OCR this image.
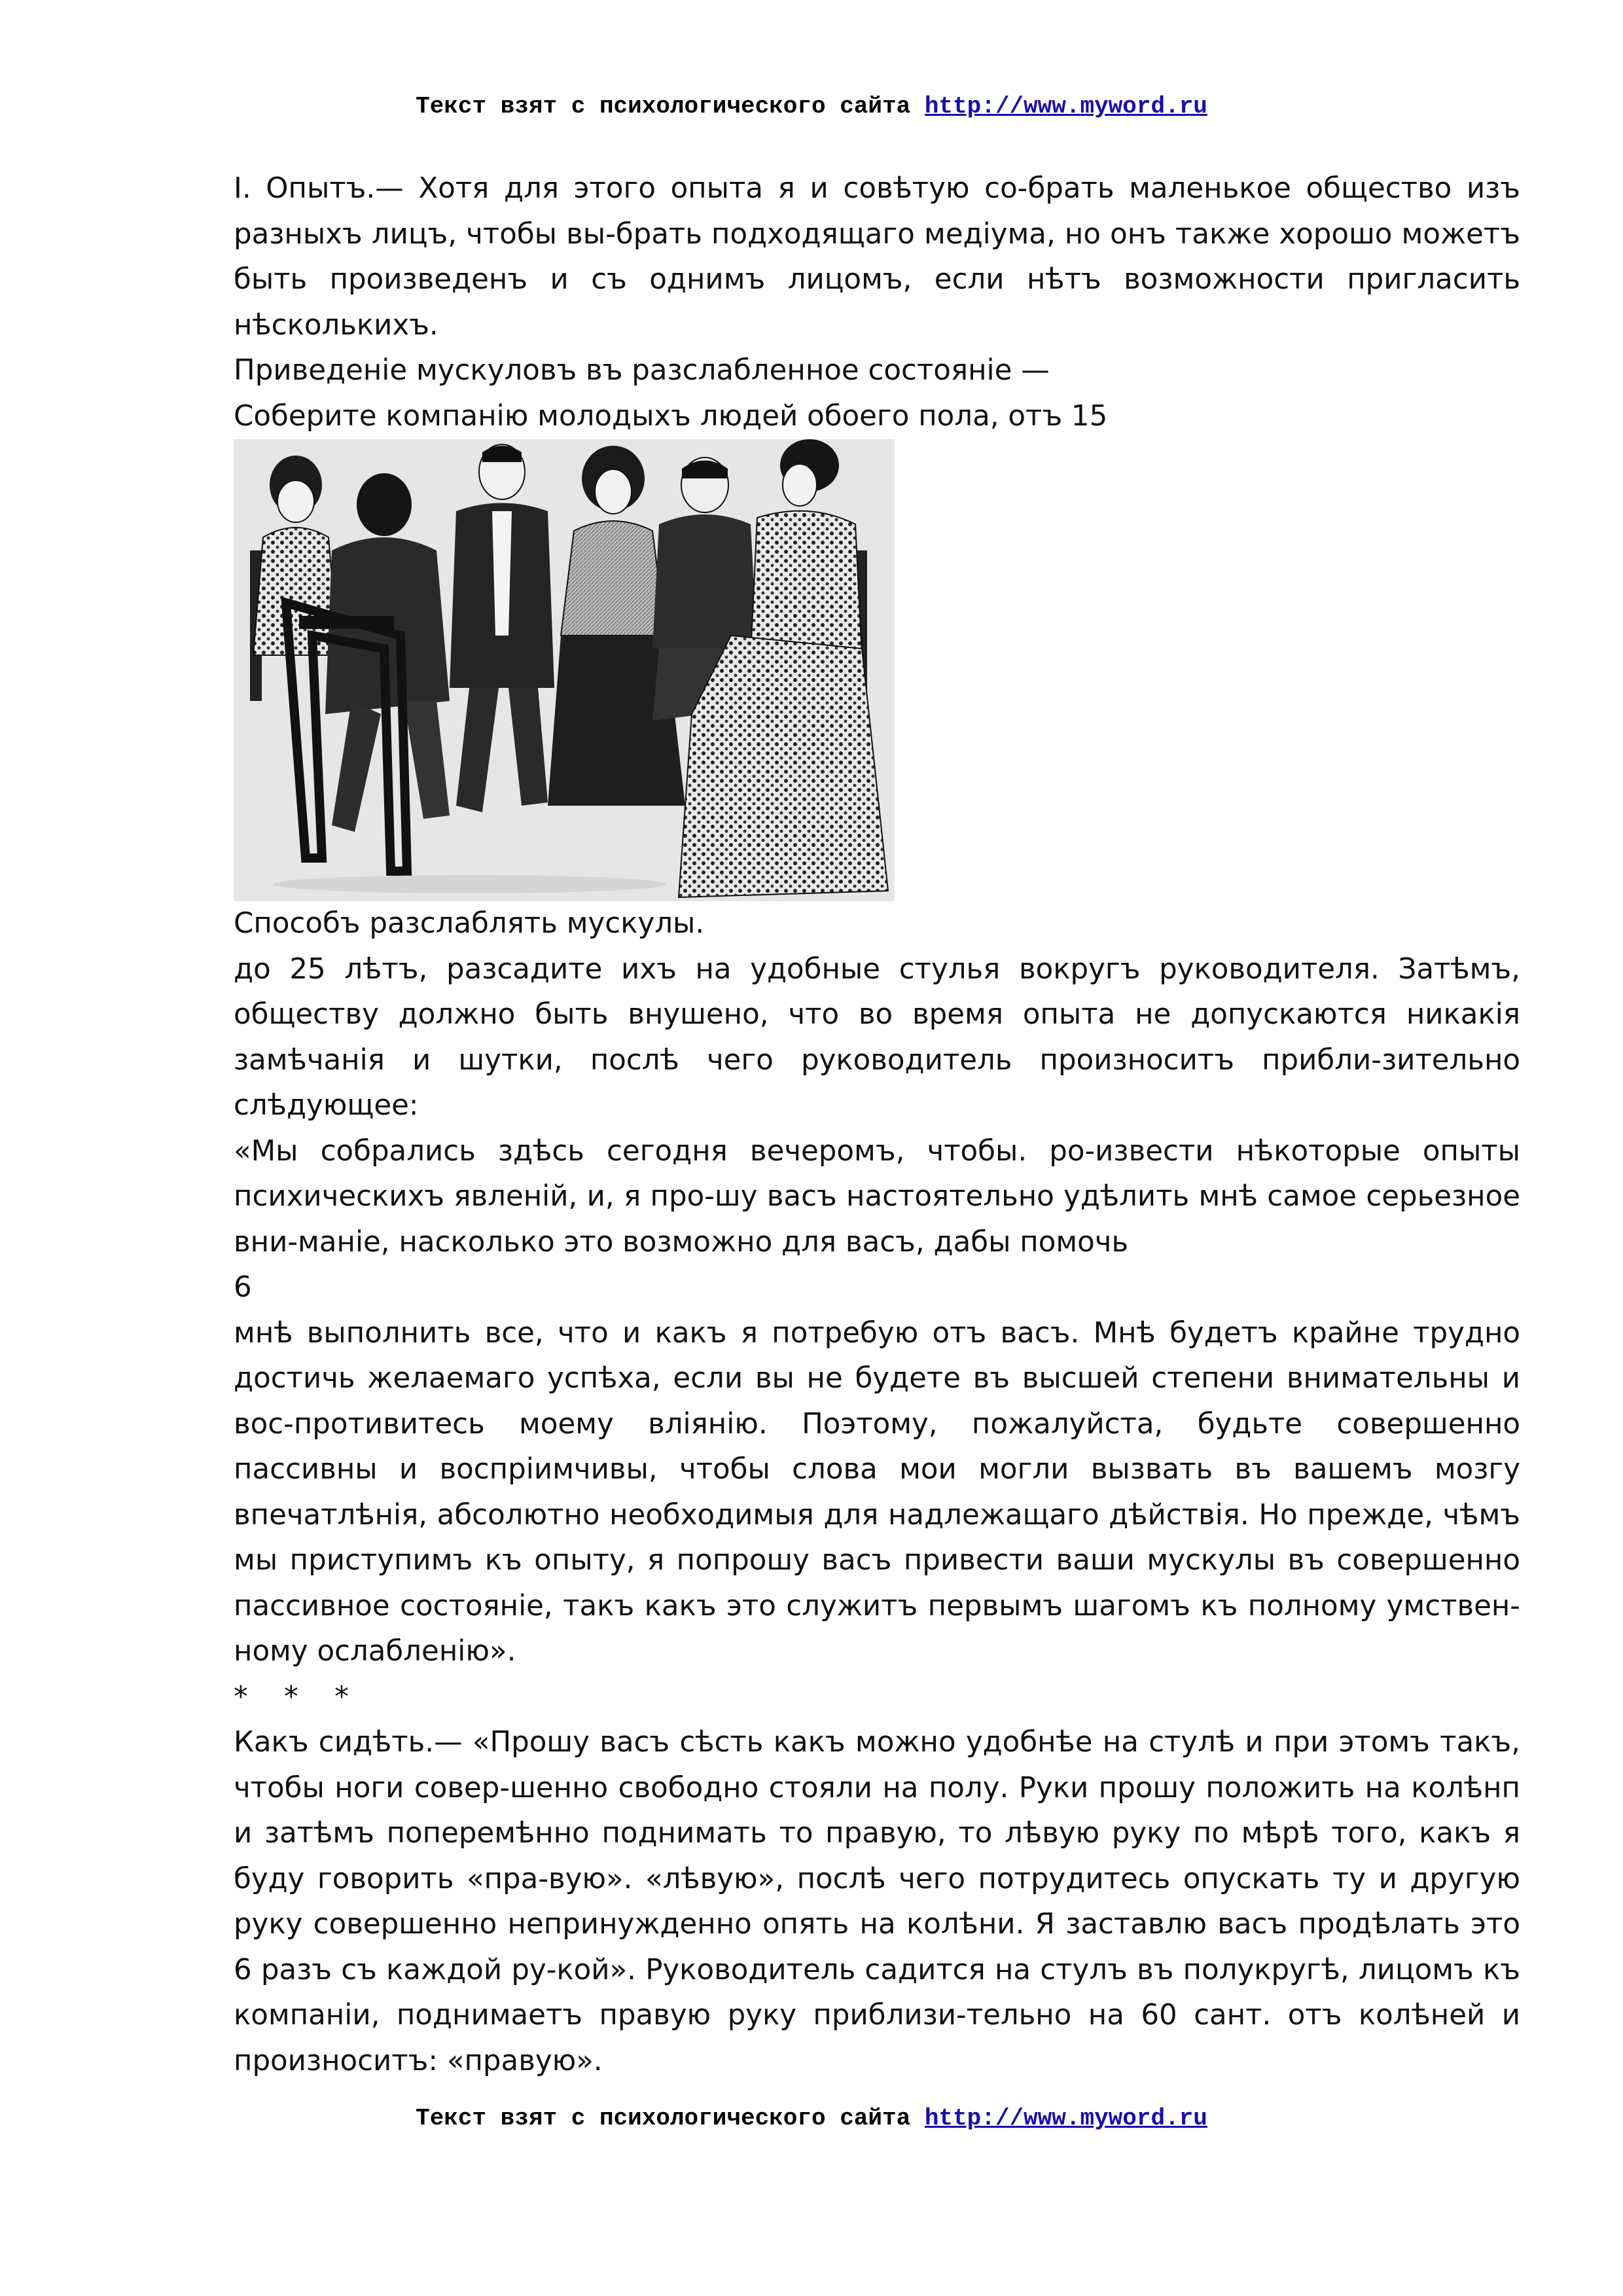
Текст взят с психологического сайта http://www.myword.ru

I. Опытъ.— Хотя для этого опыта я и совѣтую со-брать маленькое общество изъ разныхъ лицъ, чтобы вы-брать подходящаго медіума, но онъ также хорошо можетъ быть произведенъ и съ однимъ лицомъ, если нѣтъ возможности пригласить нѣсколькихъ.

Приведеніе мускуловъ въ разслабленное состояніе —

Соберите компанію молодыхъ людей обоего пола, отъ 15

Способъ разслаблять мускулы.

до 25 лѣтъ, разсадите ихъ на удобные стулья вокругъ руководителя. Затѣмъ, обществу должно быть внушено, что во время опыта не допускаются никакія замѣчанія и шутки, послѣ чего руководитель произноситъ прибли-зительно слѣдующее:

«Мы собрались здѣсь сегодня вечеромъ, чтобы. ро-извести нѣкоторые опыты психическихъ явленій, и, я про-шу васъ настоятельно удѣлить мнѣ самое серьезное вни-маніе, насколько это возможно для васъ, дабы помочь

6

мнѣ выполнить все, что и какъ я потребую отъ васъ. Мнѣ будетъ крайне трудно достичь желаемаго успѣха, если вы не будете въ высшей степени внимательны и вос-противитесь моему вліянію. Поэтому, пожалуйста, будьте совершенно пассивны и воспріимчивы, чтобы слова мои могли вызвать въ вашемъ мозгу впечатлѣнія, абсолютно необходимыя для надлежащаго дѣйствія. Но прежде, чѣмъ мы приступимъ къ опыту, я попрошу васъ привести ваши мускулы въ совершенно пассивное состояніе, такъ какъ это служитъ первымъ шагомъ къ полному умствен-ному ослабленію».

*    *    *

Какъ сидѣть.— «Прошу васъ сѣсть какъ можно удобнѣе на стулѣ и при этомъ такъ, чтобы ноги совер-шенно свободно стояли на полу. Руки прошу положить на колѣнп и затѣмъ поперемѣнно поднимать то правую, то лѣвую руку по мѣрѣ того, какъ я буду говорить «пра-вую». «лѣвую», послѣ чего потрудитесь опускать ту и другую руку совершенно непринужденно опять на колѣни. Я заставлю васъ продѣлать это 6 разъ съ каждой ру-кой». Руководитель садится на стулъ въ полукругѣ, лицомъ къ компаніи, поднимаетъ правую руку приблизи-тельно на 60 сант. отъ колѣней и произноситъ: «правую».

Текст взят с психологического сайта http://www.myword.ru
